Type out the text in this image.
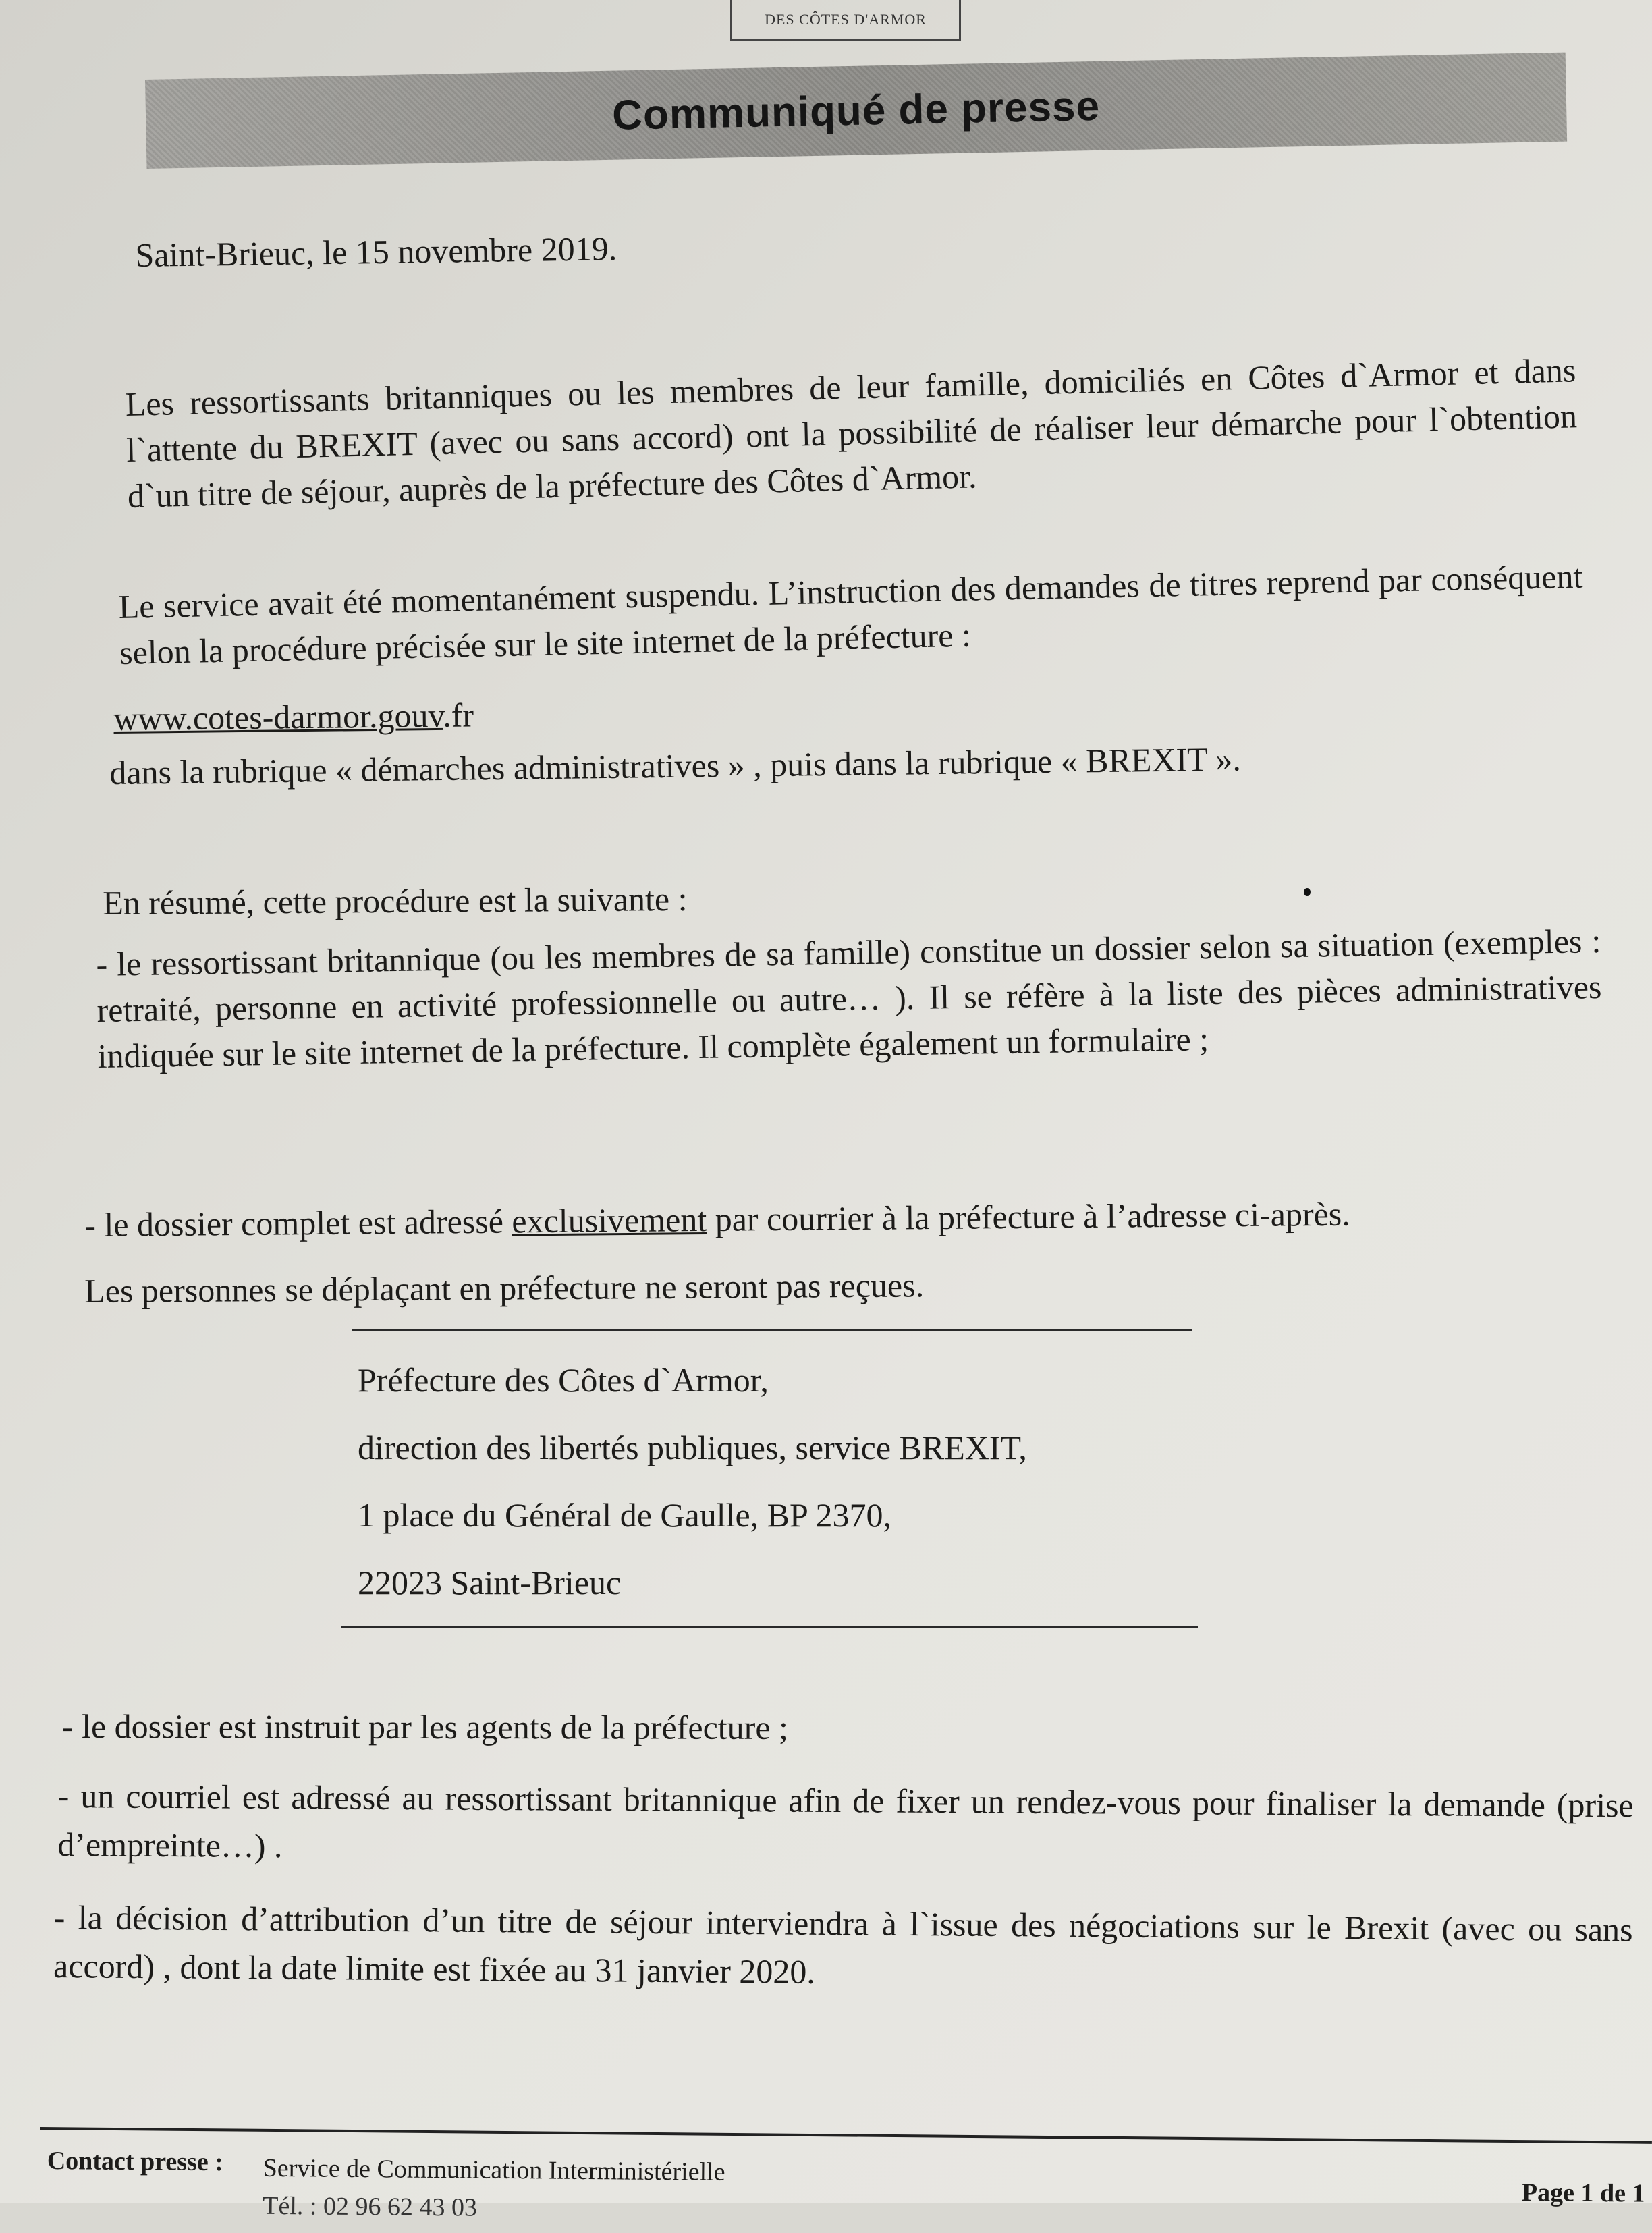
DES CÔTES D'ARMOR
Communiqué de presse
Saint-Brieuc, le 15 novembre 2019.
Les ressortissants britanniques ou les membres de leur famille, domiciliés en Côtes d`Armor et dans l`attente du BREXIT (avec ou sans accord) ont la possibilité de réaliser leur démarche pour l`obtention d`un titre de séjour, auprès de la préfecture des Côtes d`Armor.
Le service avait été momentanément suspendu. L’instruction des demandes de titres reprend par conséquent selon la procédure précisée sur le site internet de la préfecture :
www.cotes-darmor.gouv.fr
dans la rubrique « démarches administratives » , puis dans la rubrique « BREXIT ».
En résumé, cette procédure est la suivante :
- le ressortissant britannique (ou les membres de sa famille) constitue un dossier selon sa situation (exemples : retraité, personne en activité professionnelle ou autre… ). Il se réfère à la liste des pièces administratives indiquée sur le site internet de la préfecture. Il complète également un formulaire ;
- le dossier complet est adressé exclusivement par courrier à la préfecture à l’adresse ci-après.
Les personnes se déplaçant en préfecture ne seront pas reçues.
Préfecture des Côtes d`Armor,
direction des libertés publiques, service BREXIT,
1 place du Général de Gaulle, BP 2370,
22023 Saint-Brieuc
- le dossier est instruit par les agents de la préfecture ;
- un courriel est adressé au ressortissant britannique afin de fixer un rendez-vous pour finaliser la demande (prise d’empreinte…) .
- la décision d’attribution d’un titre de séjour interviendra à l`issue des négociations sur le Brexit (avec ou sans accord) , dont la date limite est fixée au 31 janvier 2020.
Contact presse : Service de Communication Interministérielle
Tél. : 02 96 62 43 03	Page 1 de 1
